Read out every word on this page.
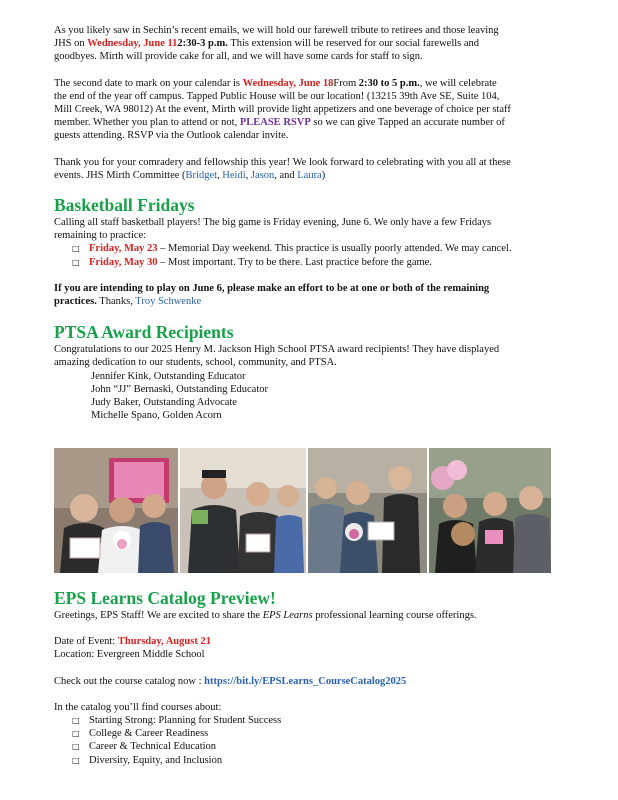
As you likely saw in Sechin’s recent emails, we will hold our farewell tribute to retirees and those leaving
JHS on Wednesday, June 112:30-3 p.m. This extension will be reserved for our social farewells and
goodbyes. Mirth will provide cake for all, and we will have some cards for staff to sign.

The second date to mark on your calendar is Wednesday, June 18From 2:30 to 5 p.m., we will celebrate
the end of the year off campus. Tapped Public House will be our location! (13215 39th Ave SE, Suite 104,
Mill Creek, WA 98012) At the event, Mirth will provide light appetizers and one beverage of choice per staff
member. Whether you plan to attend or not, PLEASE RSVP so we can give Tapped an accurate number of
guests attending. RSVP via the Outlook calendar invite.

Thank you for your comradery and fellowship this year! We look forward to celebrating with you all at these
events. JHS Mirth Committee (Bridget, Heidi, Jason, and Laura)

Basketball Fridays

Calling all staff basketball players! The big game is Friday evening, June 6. We only have a few Fridays
remaining to practice:

□ Friday, May 23 – Memorial Day weekend. This practice is usually poorly attended. We may cancel.
□ Friday, May 30 – Most important. Try to be there. Last practice before the game.

If you are intending to play on June 6, please make an effort to be at one or both of the remaining
practices. Thanks, Troy Schwenke

PTSA Award Recipients

Congratulations to our 2025 Henry M. Jackson High School PTSA award recipients! They have displayed
amazing dedication to our students, school, community, and PTSA.

Jennifer Kink, Outstanding Educator
John “JJ” Bernaski, Outstanding Educator
Judy Baker, Outstanding Advocate
Michelle Spano, Golden Acorn
EPS Learns Catalog Preview!

Greetings, EPS Staff! We are excited to share the EPS Learns professional learning course offerings.

Date of Event: Thursday, August 21

Location: Evergreen Middle School

Check out the course catalog now : https://bit.ly/EPSLearns_CourseCatalog2025

In the catalog you’ll find courses about:

□ Starting Strong: Planning for Student Success
□ College & Career Readiness
□ Career & Technical Education
□ Diversity, Equity, and Inclusion
